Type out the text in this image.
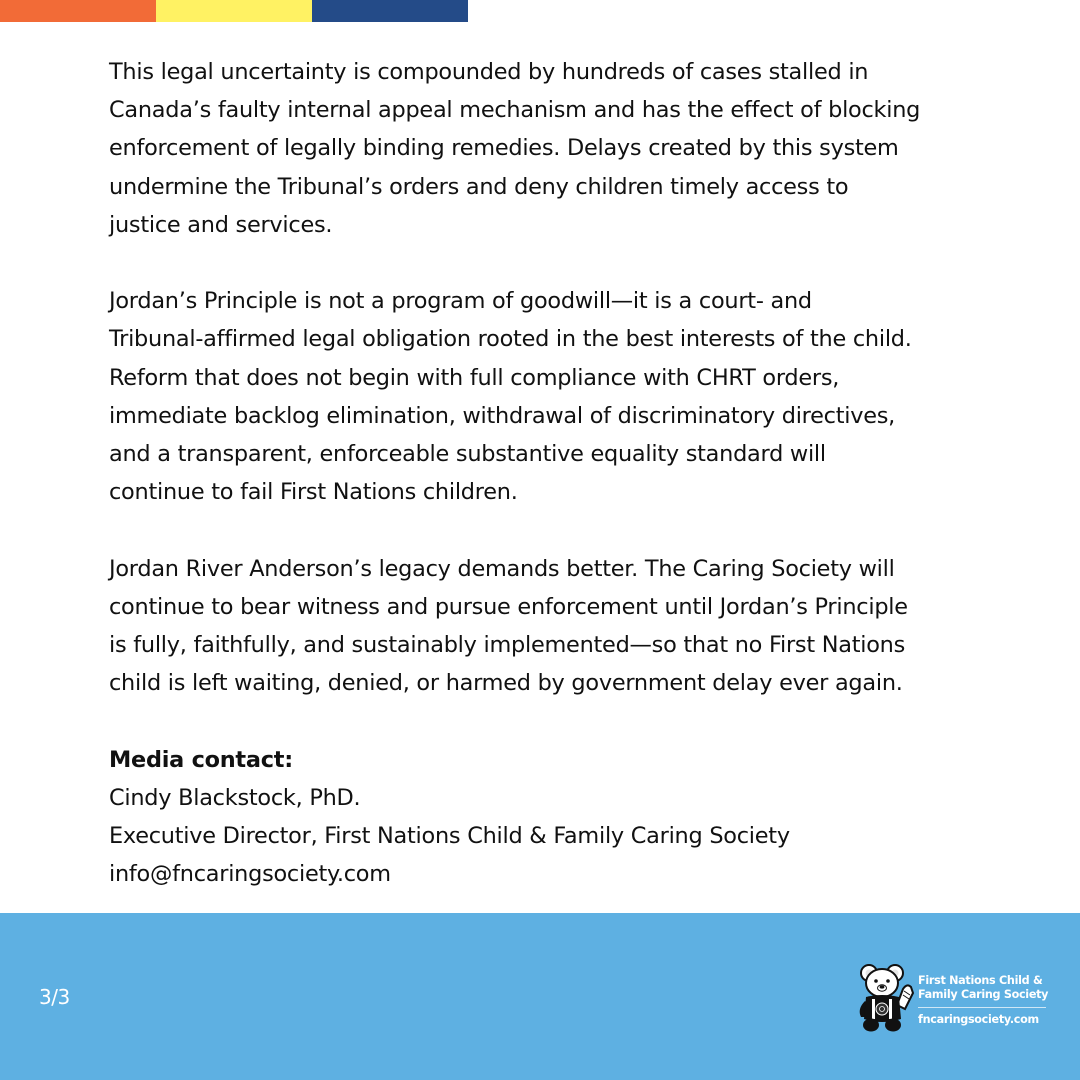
This legal uncertainty is compounded by hundreds of cases stalled in
Canada’s faulty internal appeal mechanism and has the effect of blocking
enforcement of legally binding remedies. Delays created by this system
undermine the Tribunal’s orders and deny children timely access to
justice and services.

Jordan’s Principle is not a program of goodwill—it is a court- and
Tribunal-affirmed legal obligation rooted in the best interests of the child.
Reform that does not begin with full compliance with CHRT orders,
immediate backlog elimination, withdrawal of discriminatory directives,
and a transparent, enforceable substantive equality standard will
continue to fail First Nations children.

Jordan River Anderson’s legacy demands better. The Caring Society will
continue to bear witness and pursue enforcement until Jordan’s Principle
is fully, faithfully, and sustainably implemented—so that no First Nations
child is left waiting, denied, or harmed by government delay ever again.

Media contact:
Cindy Blackstock, PhD.
Executive Director, First Nations Child & Family Caring Society
info@fncaringsociety.com
3/3
First Nations Child &
Family Caring Society
fncaringsociety.com
